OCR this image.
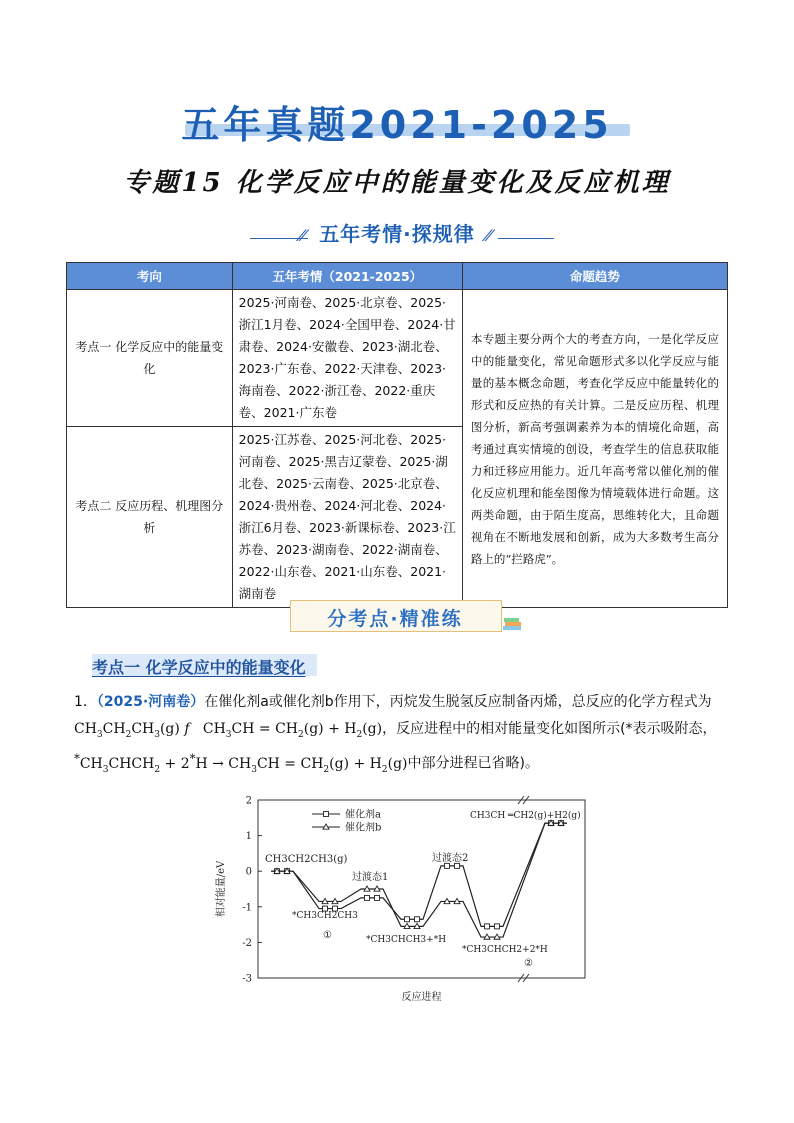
五年真题2021-2025
专题15 化学反应中的能量变化及反应机理
⁄⁄ 五年考情·探规律 ⁄⁄
考向	五年考情（2021-2025）	命题趋势
考点一 化学反应中的能量变化	2025·河南卷、2025·北京卷、2025·浙江1月卷、2024·全国甲卷、2024·甘肃卷、2024·安徽卷、2023·湖北卷、2023·广东卷、2022·天津卷、2023·海南卷、2022·浙江卷、2022·重庆卷、2021·广东卷	本专题主要分两个大的考查方向，一是化学反应中的能量变化，常见命题形式多以化学反应与能量的基本概念命题，考查化学反应中能量转化的形式和反应热的有关计算。二是反应历程、机理图分析，新高考强调素养为本的情境化命题，高考通过真实情境的创设，考查学生的信息获取能力和迁移应用能力。近几年高考常以催化剂的催化反应机理和能垒图像为情境载体进行命题。这两类命题，由于陌生度高，思维转化大，且命题视角在不断地发展和创新，成为大多数考生高分路上的“拦路虎”。
考点二 反应历程、机理图分析	2025·江苏卷、2025·河北卷、2025·河南卷、2025·黑吉辽蒙卷、2025·湖北卷、2025·云南卷、2025·北京卷、2024·贵州卷、2024·河北卷、2024·浙江6月卷、2023·新课标卷、2023·江苏卷、2023·湖南卷、2022·湖南卷、2022·山东卷、2021·山东卷、2021·湖南卷	
分考点·精准练
考点一 化学反应中的能量变化
1．（2025·河南卷）在催化剂a或催化剂b作用下，丙烷发生脱氢反应制备丙烯，总反应的化学方程式为
$CH_3CH_2CH_3(g)$ f   $CH_3CH = CH_2(g) + H_2(g)$，反应进程中的相对能量变化如图所示(*表示吸附态，
$^*CH_3CHCH_2 + 2^*H \to CH_3CH = CH_2(g) + H_2(g)$中部分进程已省略)。
2
1
0
-1
-2
-3
相对能量/eV
反应进程
催化剂a
催化剂b
CH3CH2CH3(g)
过渡态1
过渡态2
*CH3CH2CH3
①	*CH3CHCH3+*H
*CH3CHCH2+2*H
②
CH3CH ═CH2(g)+H2(g)
